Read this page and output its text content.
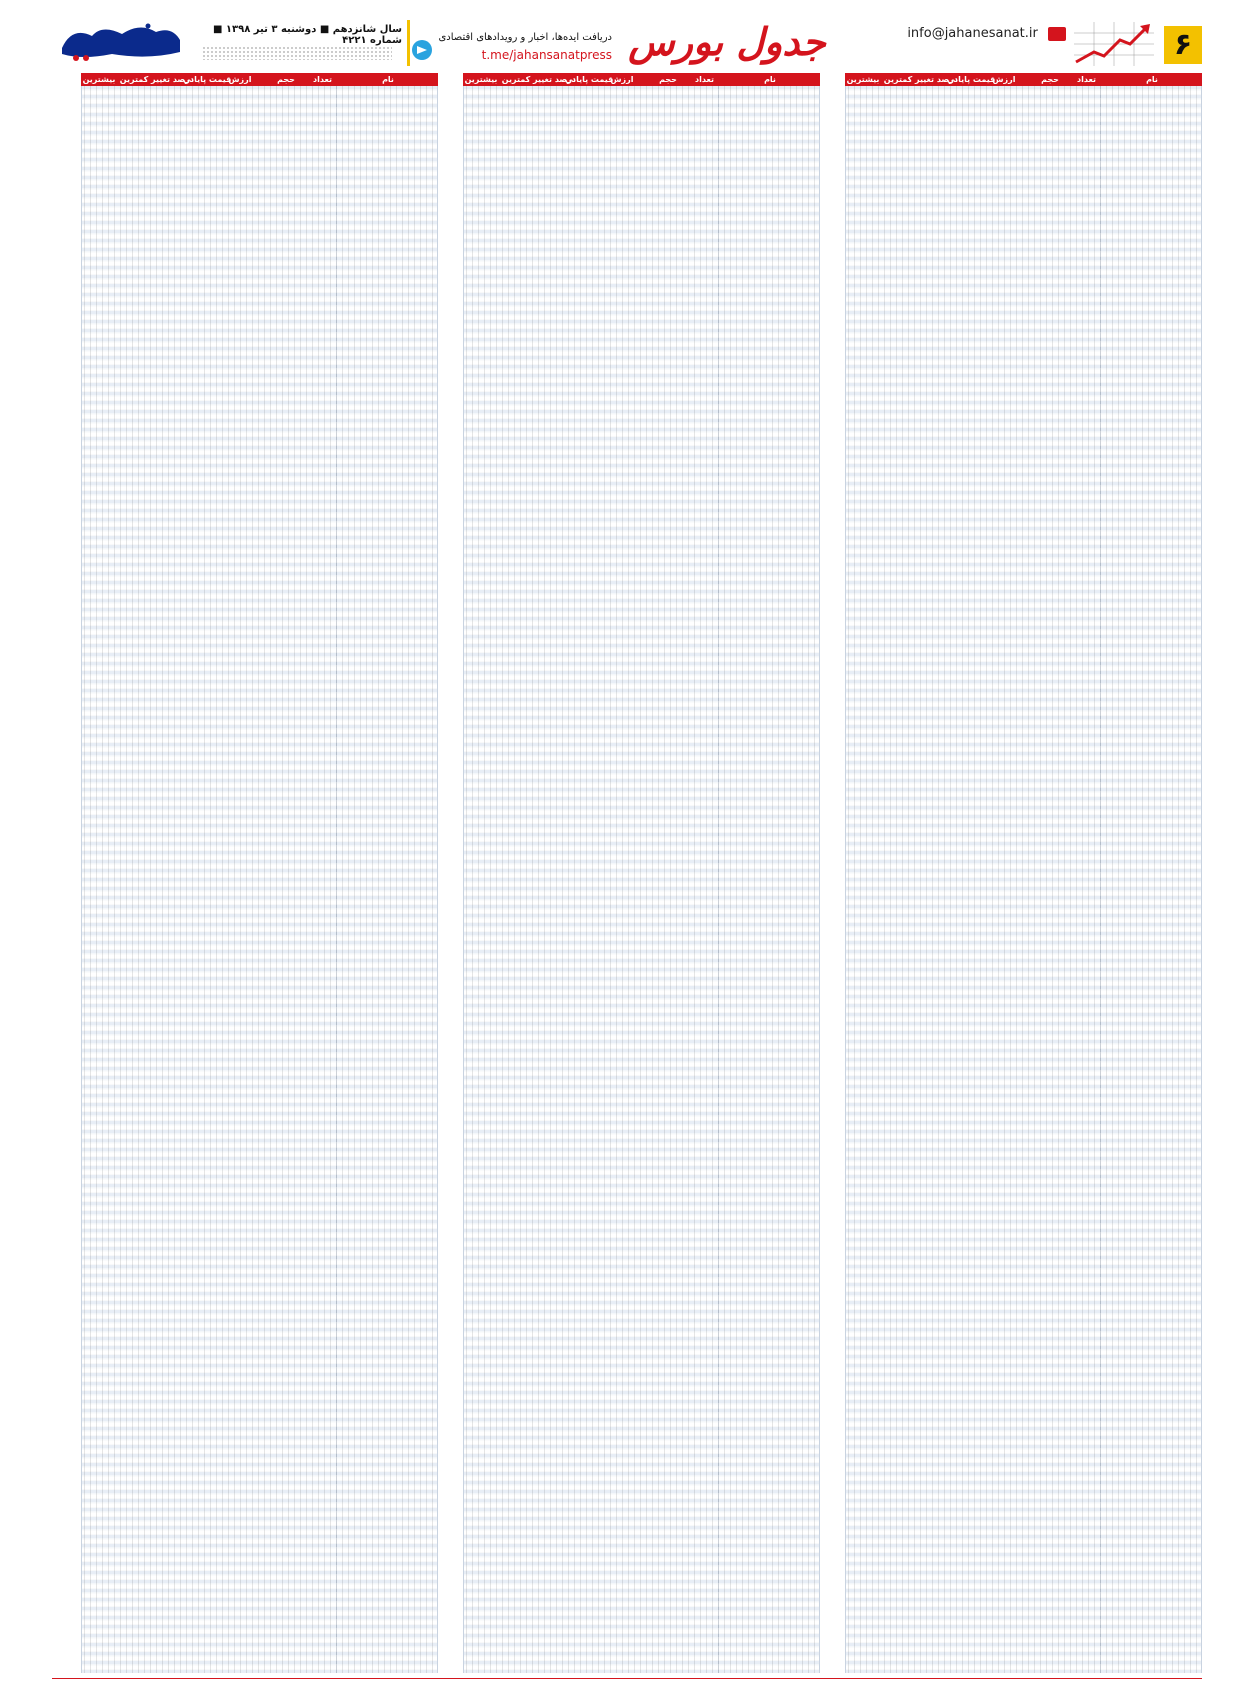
۶
info@jahanesanat.ir
جدول بورس
دریافت ایده‌ها، اخبار و رویدادهای اقتصادی
t.me/jahansanatpress
سال شانزدهم ■ دوشنبه ۳ تیر ۱۳۹۸ ■ شماره ۴۲۲۱
نام
تعداد
حجم
ارزش
قیمت پایانی
درصد تغییر
کمترین
بیشترین
نام
تعداد
حجم
ارزش
قیمت پایانی
درصد تغییر
کمترین
بیشترین
نام
تعداد
حجم
ارزش
قیمت پایانی
درصد تغییر
کمترین
بیشترین
